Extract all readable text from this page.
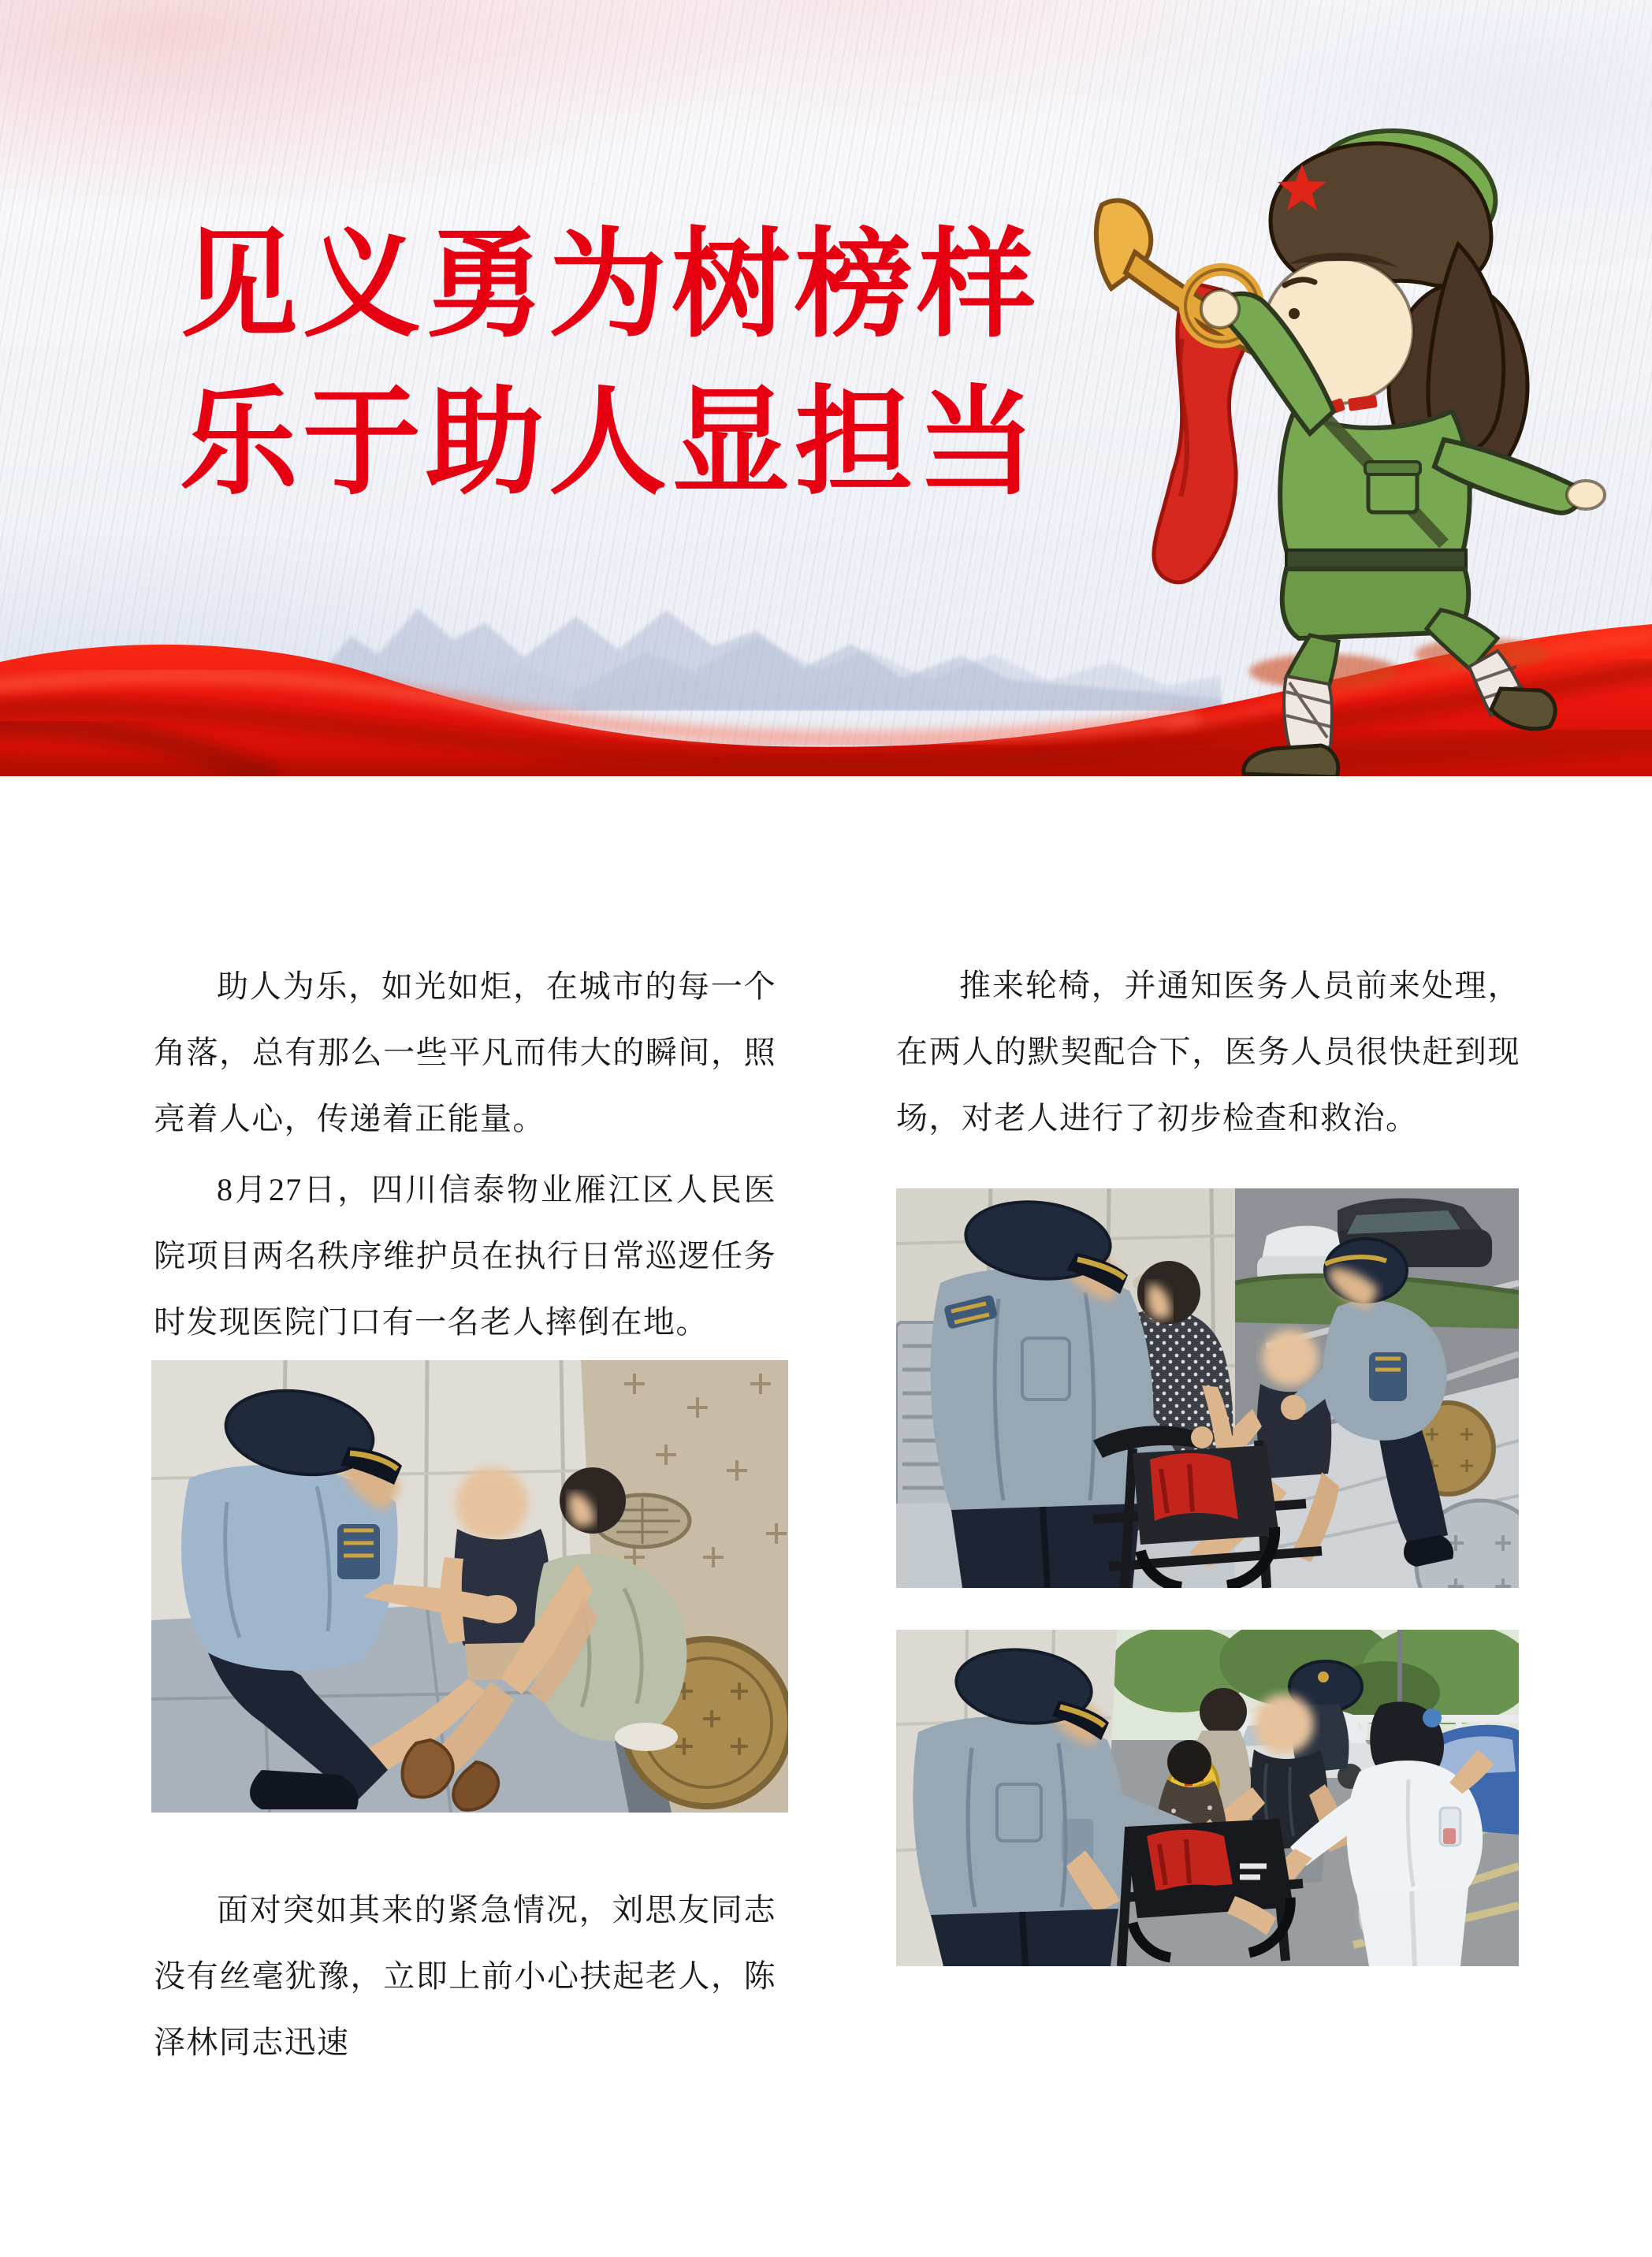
见义勇为树榜样
乐于助人显担当

助人为乐，如光如炬，在城市的每一个角落，总有那么一些平凡而伟大的瞬间，照亮着人心，传递着正能量。

8月27日，四川信泰物业雁江区人民医院项目两名秩序维护员在执行日常巡逻任务时发现医院门口有一名老人摔倒在地。

面对突如其来的紧急情况，刘思友同志没有丝毫犹豫，立即上前小心扶起老人，陈泽林同志迅速

推来轮椅，并通知医务人员前来处理，在两人的默契配合下，医务人员很快赶到现场，对老人进行了初步检查和救治。
